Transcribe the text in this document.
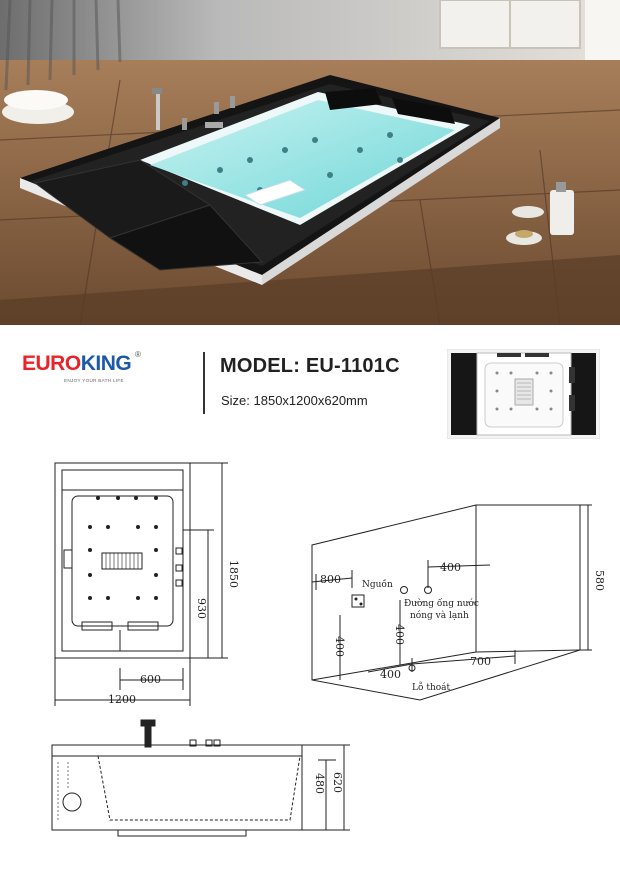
EUROKING ®
ENJOY YOUR BATH LIFE
MODEL: EU-1101C
Size: 1850x1200x620mm
1850
930
600
1200
800 Nguồn
400
Đường ống nước
nóng và lạnh
400
400
400
700
580
Lỗ thoát
480 620
